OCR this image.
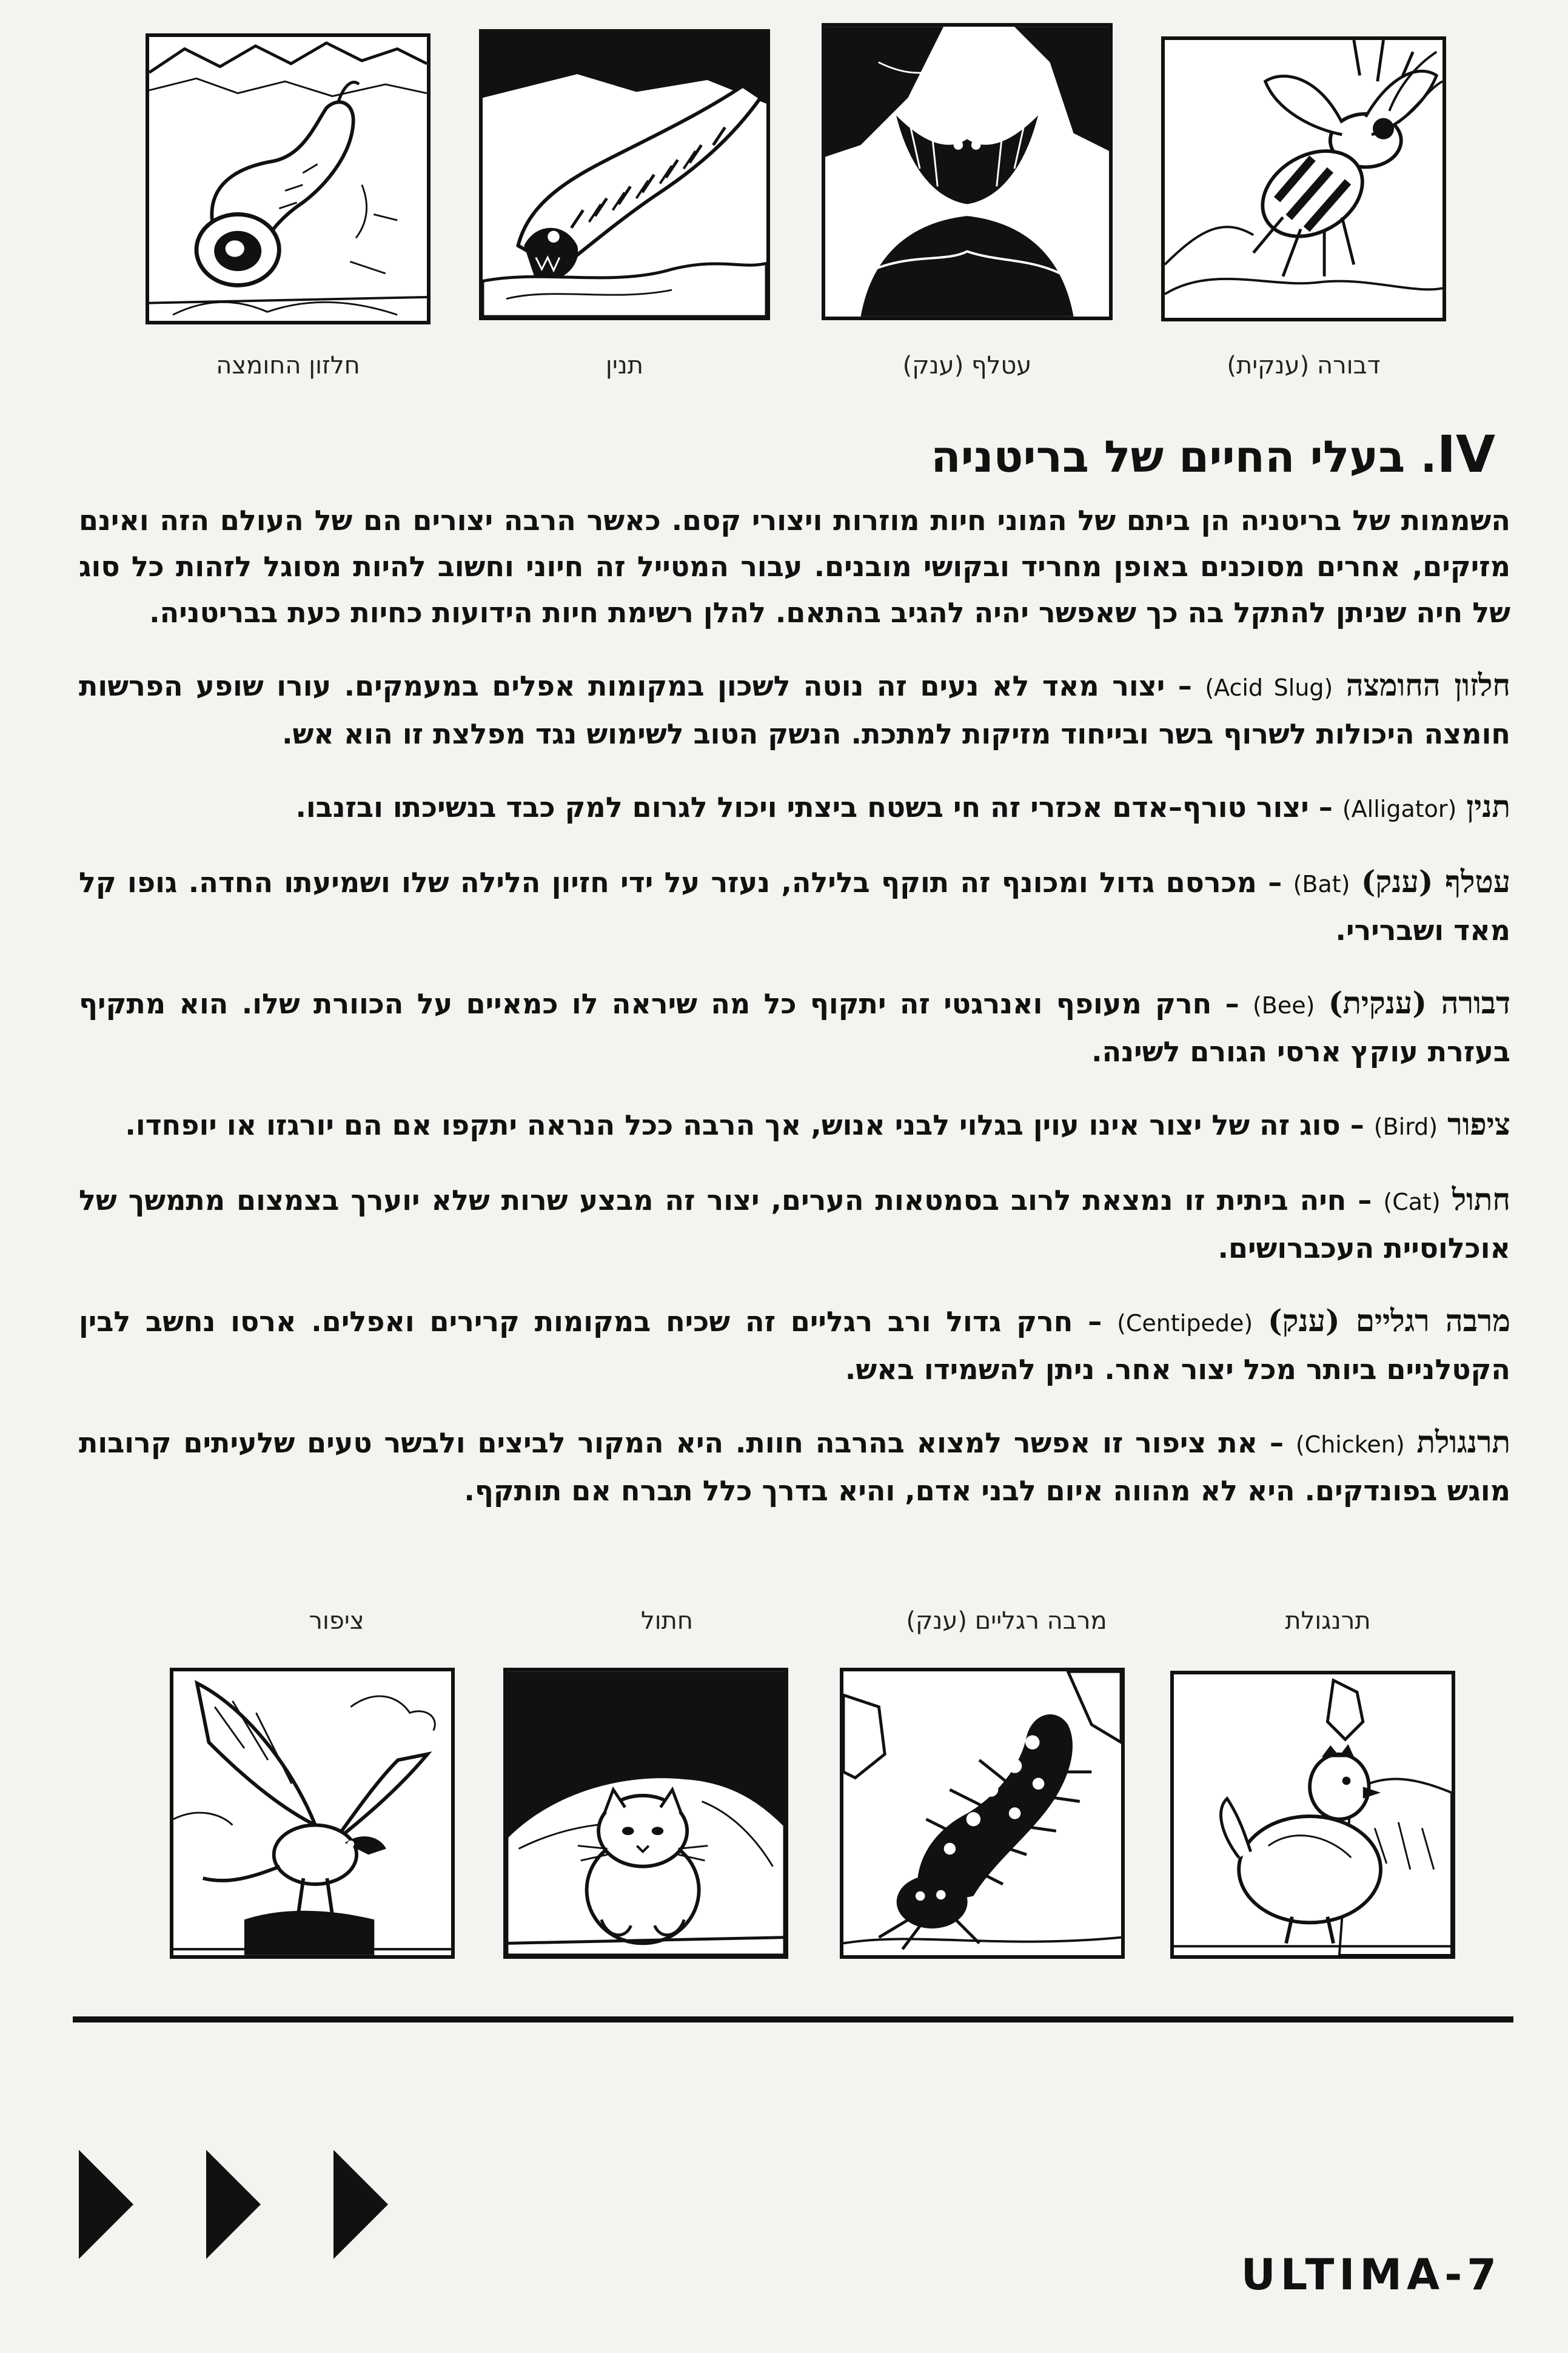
חלזון החומצה	תנין	עטלף (ענק)	דבורה (ענקית)
IV. בעלי החיים של בריטניה

השממות של בריטניה הן ביתם של המוני חיות מוזרות ויצורי קסם. כאשר הרבה יצורים הם של העולם הזה ואינם מזיקים, אחרים מסוכנים באופן מחריד ובקושי מובנים. עבור המטייל זה חיוני וחשוב להיות מסוגל לזהות כל סוג של חיה שניתן להתקל בה כך שאפשר יהיה להגיב בהתאם. להלן רשימת חיות הידועות כחיות כעת בבריטניה.

חלזון החומצה (Acid Slug) – יצור מאד לא נעים זה נוטה לשכון במקומות אפלים במעמקים. עורו שופע הפרשות חומצה היכולות לשרוף בשר ובייחוד מזיקות למתכת. הנשק הטוב לשימוש נגד מפלצת זו הוא אש.

תנין (Alligator) – יצור טורף–אדם אכזרי זה חי בשטח ביצתי ויכול לגרום למק כבד בנשיכתו ובזנבו.

עטלף (ענק) (Bat) – מכרסם גדול ומכונף זה תוקף בלילה, נעזר על ידי חזיון הלילה שלו ושמיעתו החדה. גופו קל מאד ושברירי.

דבורה (ענקית) (Bee) – חרק מעופף ואנרגטי זה יתקוף כל מה שיראה לו כמאיים על הכוורת שלו. הוא מתקיף בעזרת עוקץ ארסי הגורם לשינה.

ציפור (Bird) – סוג זה של יצור אינו עוין בגלוי לבני אנוש, אך הרבה ככל הנראה יתקפו אם הם יורגזו או יופחדו.

חתול (Cat) – חיה ביתית זו נמצאת לרוב בסמטאות הערים, יצור זה מבצע שרות שלא יוערך בצמצום מתמשך של אוכלוסיית העכברושים.

מרבה רגליים (ענק) (Centipede) – חרק גדול ורב רגליים זה שכיח במקומות קרירים ואפלים. ארסו נחשב לבין הקטלניים ביותר מכל יצור אחר. ניתן להשמידו באש.

תרנגולת (Chicken) – את ציפור זו אפשר למצוא בהרבה חוות. היא המקור לביצים ולבשר טעים שלעיתים קרובות מוגש בפונדקים. היא לא מהווה איום לבני אדם, והיא בדרך כלל תברח אם תותקף.

ציפור	חתול	מרבה רגליים (ענק)	תרנגולת
ULTIMA-7
